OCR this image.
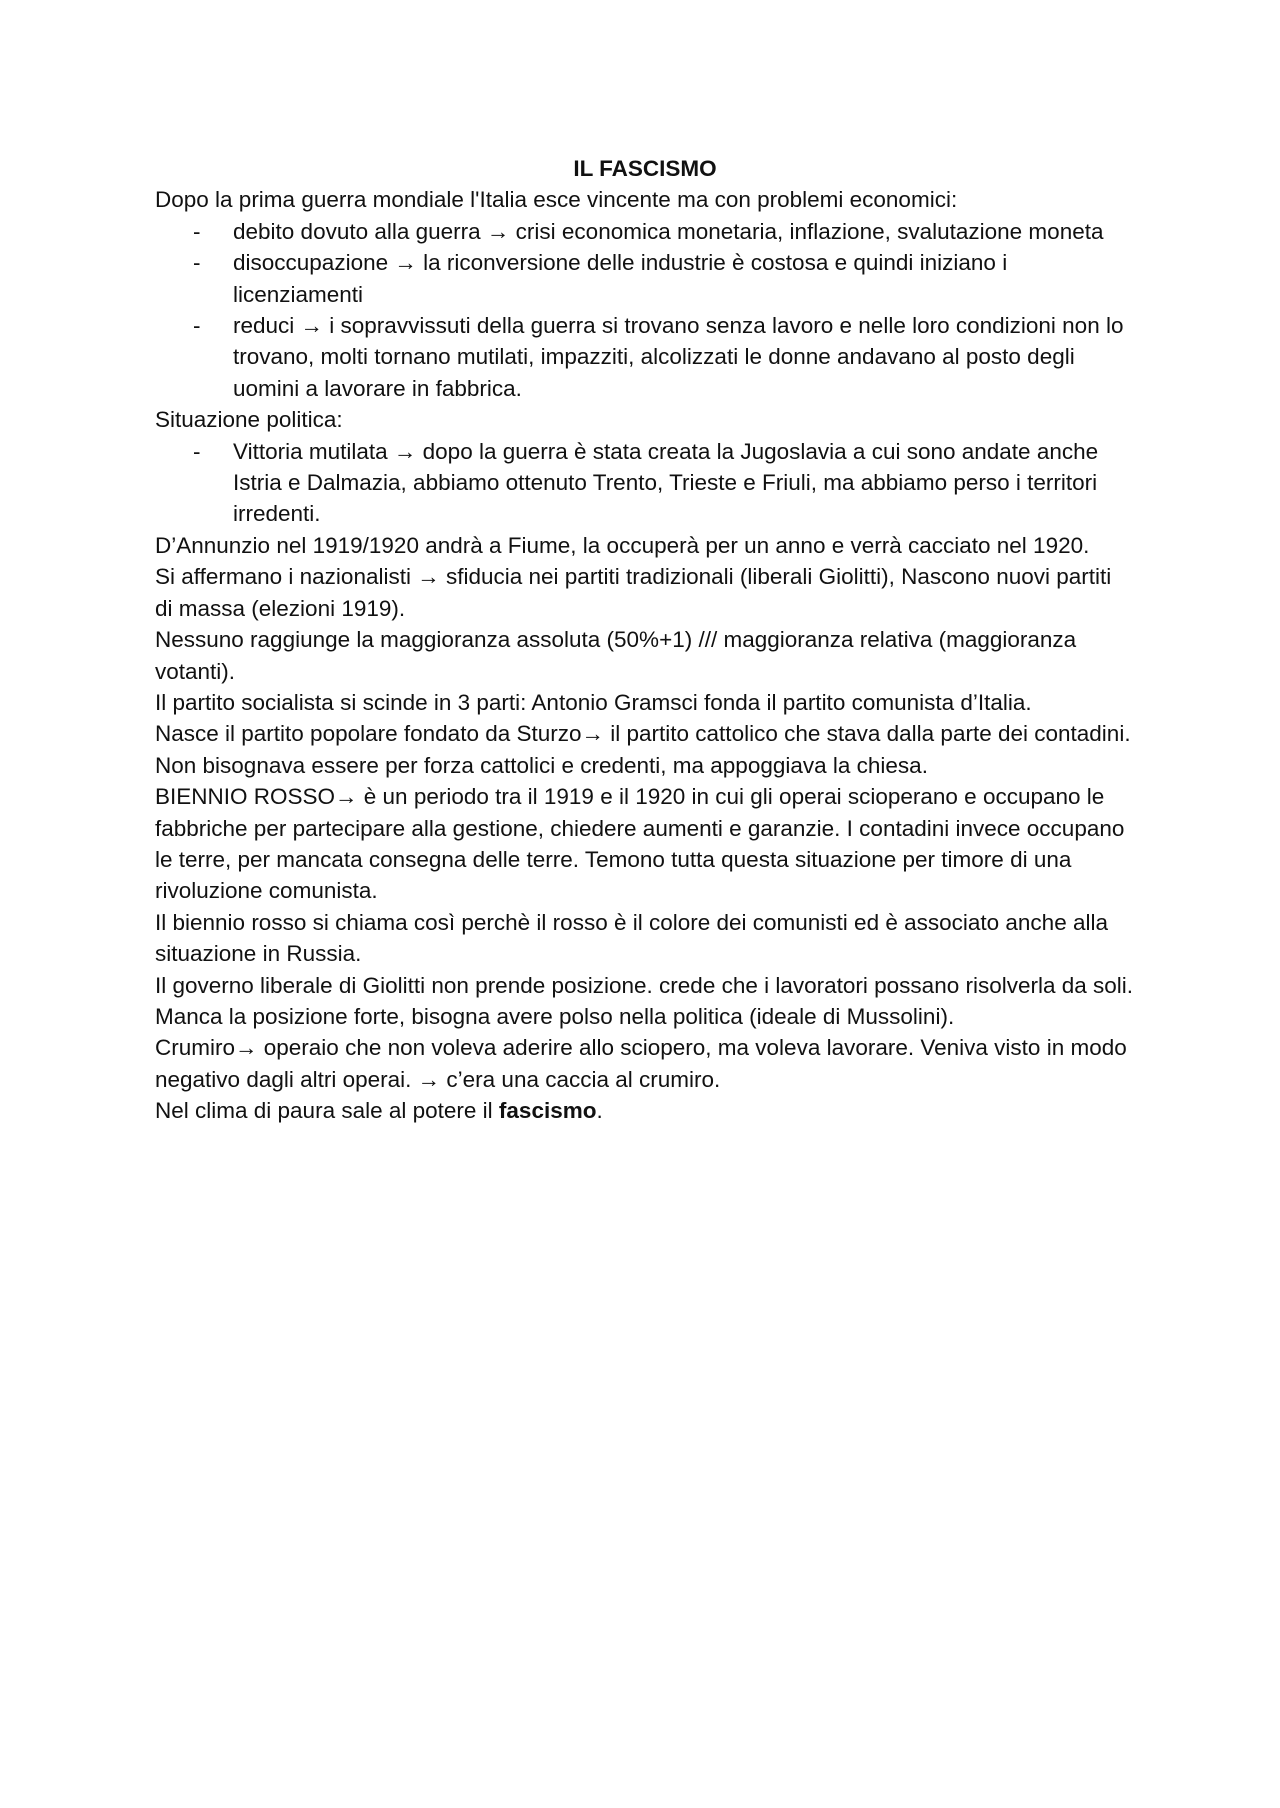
IL FASCISMO

Dopo la prima guerra mondiale l'Italia esce vincente ma con problemi economici:

- debito dovuto alla guerra → crisi economica monetaria, inflazione, svalutazione moneta
- disoccupazione → la riconversione delle industrie è costosa e quindi iniziano i licenziamenti
- reduci → i sopravvissuti della guerra si trovano senza lavoro e nelle loro condizioni non lo trovano, molti tornano mutilati, impazziti, alcolizzati le donne andavano al posto degli uomini a lavorare in fabbrica.

Situazione politica:

- Vittoria mutilata → dopo la guerra è stata creata la Jugoslavia a cui sono andate anche Istria e Dalmazia, abbiamo ottenuto Trento, Trieste e Friuli, ma abbiamo perso i territori irredenti.

D’Annunzio nel 1919/1920 andrà a Fiume, la occuperà per un anno e verrà cacciato nel 1920.

Si affermano i nazionalisti → sfiducia nei partiti tradizionali (liberali Giolitti), Nascono nuovi partiti di massa (elezioni 1919).

Nessuno raggiunge la maggioranza assoluta (50%+1) /// maggioranza relativa (maggioranza votanti).

Il partito socialista si scinde in 3 parti: Antonio Gramsci fonda il partito comunista d’Italia.

Nasce il partito popolare fondato da Sturzo→ il partito cattolico che stava dalla parte dei contadini. Non bisognava essere per forza cattolici e credenti, ma appoggiava la chiesa.

BIENNIO ROSSO→ è un periodo tra il 1919 e il 1920 in cui gli operai scioperano e occupano le fabbriche per partecipare alla gestione, chiedere aumenti e garanzie. I contadini invece occupano le terre, per mancata consegna delle terre. Temono tutta questa situazione per timore di una rivoluzione comunista.

Il biennio rosso si chiama così perchè il rosso è il colore dei comunisti ed è associato anche alla situazione in Russia.

Il governo liberale di Giolitti non prende posizione. crede che i lavoratori possano risolverla da soli. Manca la posizione forte, bisogna avere polso nella politica (ideale di Mussolini).

Crumiro→ operaio che non voleva aderire allo sciopero, ma voleva lavorare. Veniva visto in modo negativo dagli altri operai. → c’era una caccia al crumiro.

Nel clima di paura sale al potere il fascismo.
